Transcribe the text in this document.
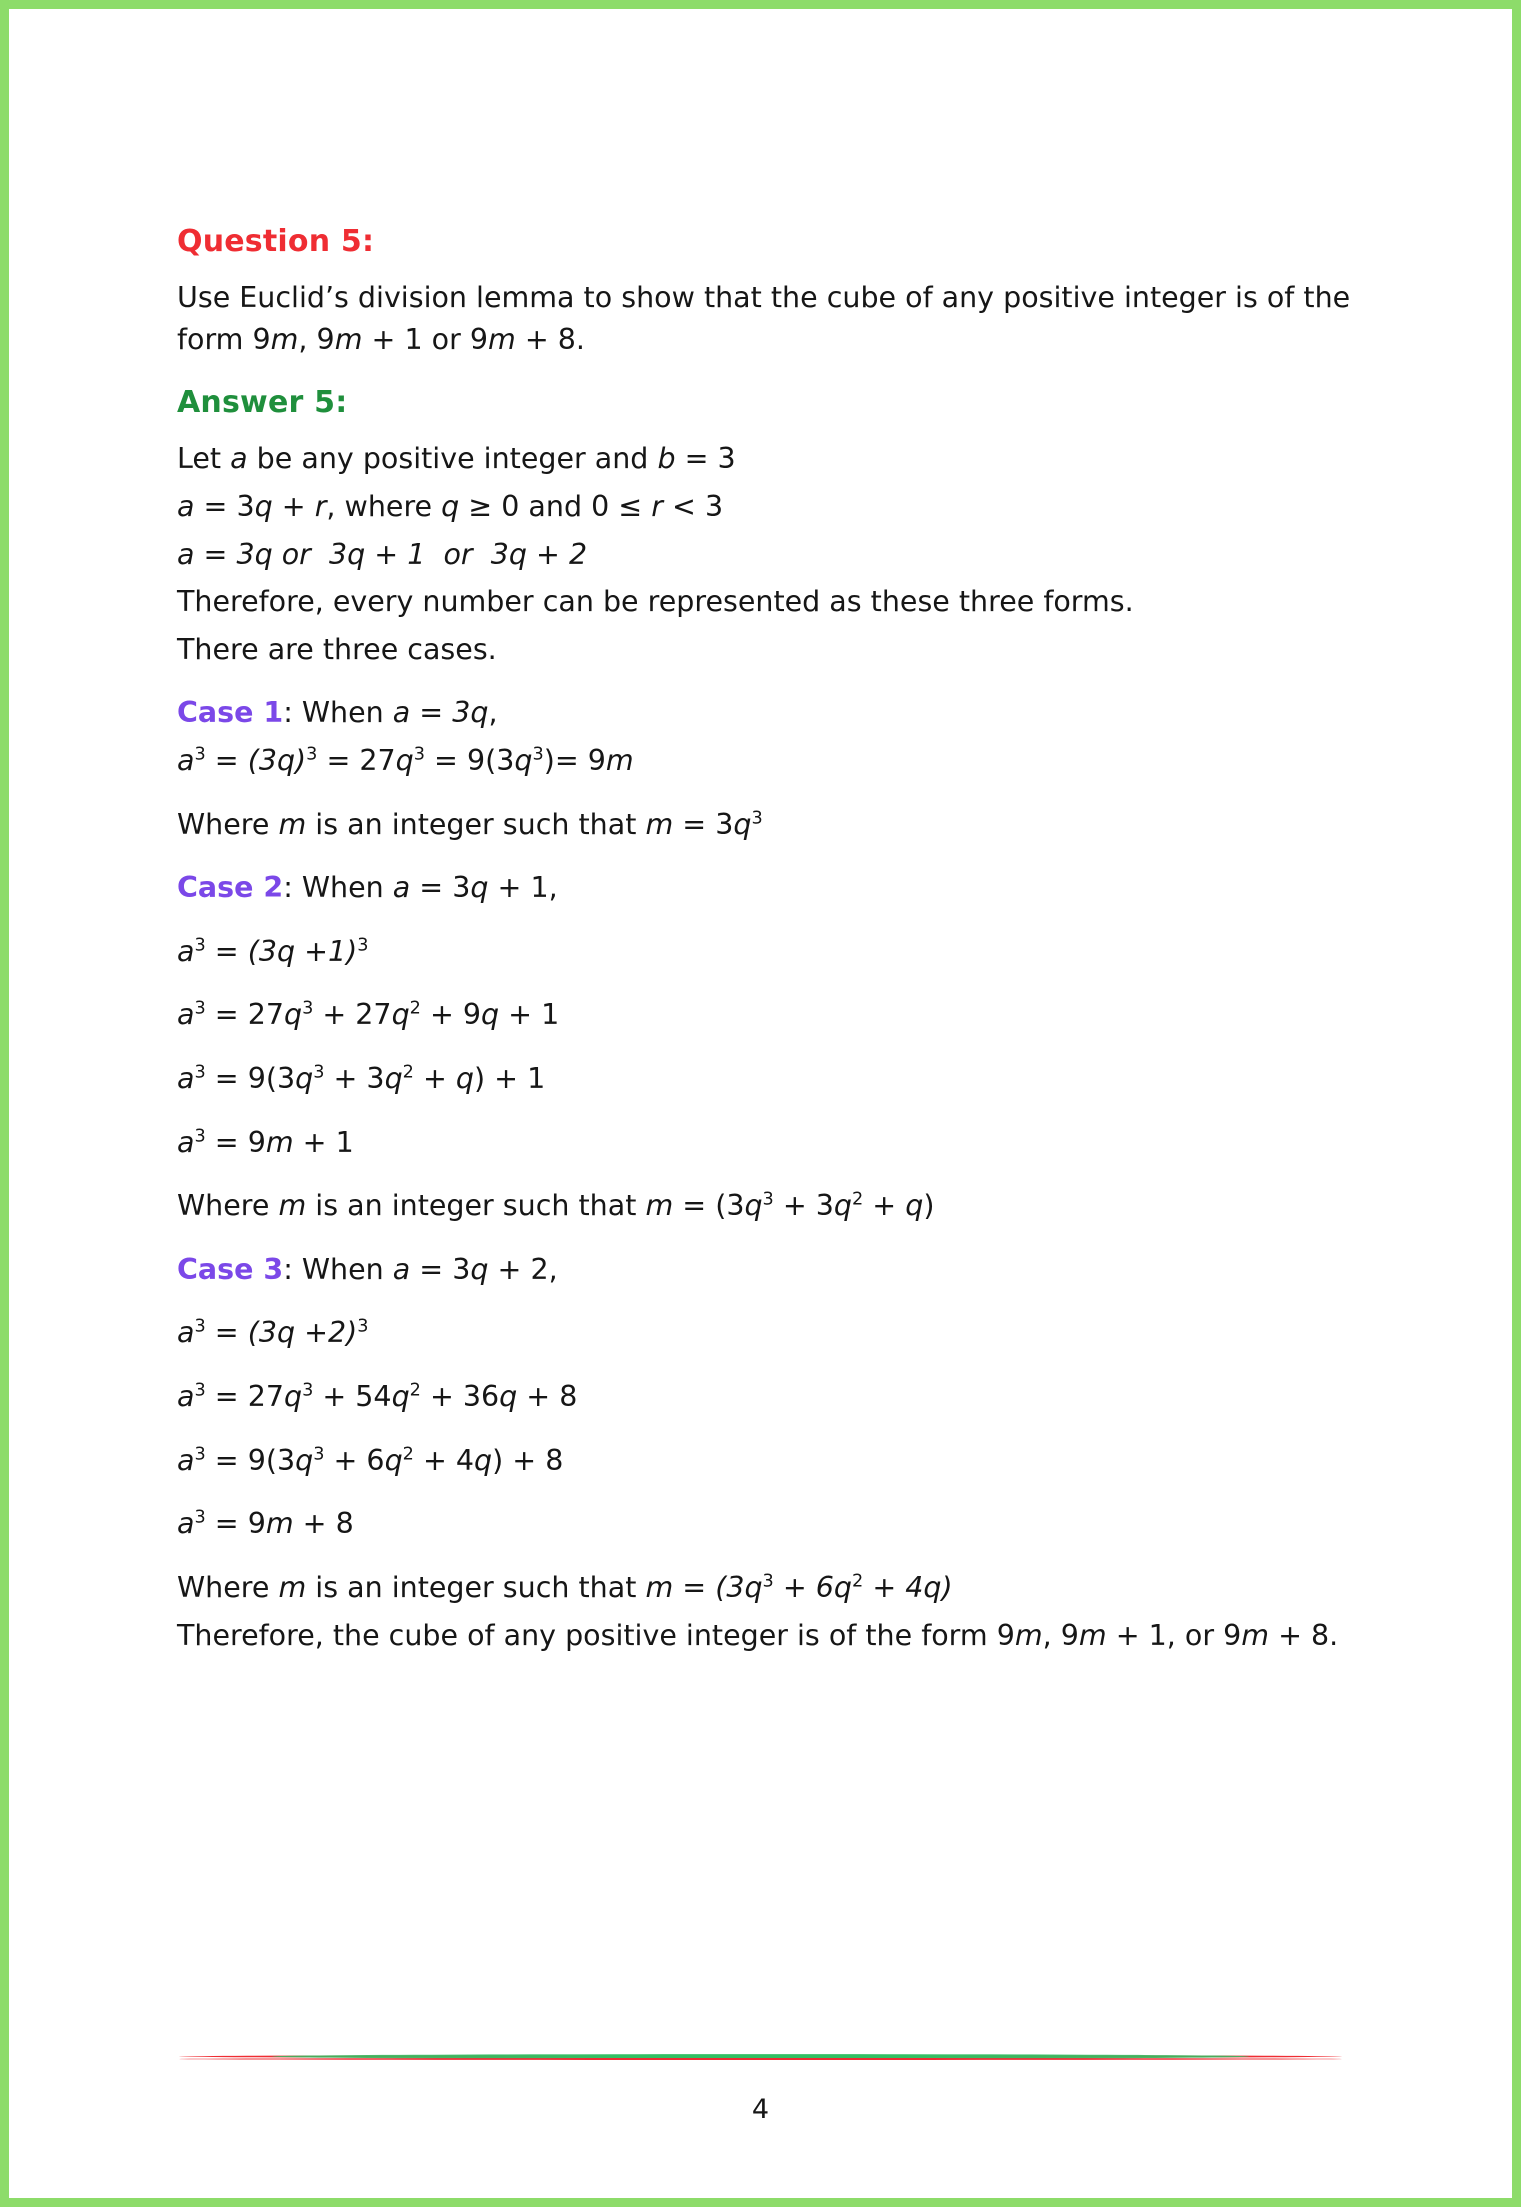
Question 5:

Use Euclid’s division lemma to show that the cube of any positive integer is of the form 9m, 9m + 1 or 9m + 8.

Answer 5:

Let a be any positive integer and b = 3

a = 3q + r, where q ≥ 0 and 0 ≤ r < 3

a = 3q or  3q + 1  or  3q + 2

Therefore, every number can be represented as these three forms.

There are three cases.

Case 1: When a = 3q,

$a^3 = (3q)^3 = 27q^3 = 9(3q^3)= 9m$

Where m is an integer such that $m = 3q^3$

Case 2: When a = 3q + 1,

$a^3 = (3q +1)^3$

$a^3 = 27q^3 + 27q^2 + 9q + 1$

$a^3 = 9(3q^3 + 3q^2 + q) + 1$

$a^3 = 9m + 1$

Where m is an integer such that $m = (3q^3 + 3q^2 + q)$

Case 3: When a = 3q + 2,

$a^3 = (3q +2)^3$

$a^3 = 27q^3 + 54q^2 + 36q + 8$

$a^3 = 9(3q^3 + 6q^2 + 4q) + 8$

$a^3 = 9m + 8$

Where m is an integer such that $m = (3q^3 + 6q^2 + 4q)$

Therefore, the cube of any positive integer is of the form 9m, 9m + 1, or 9m + 8.

4
